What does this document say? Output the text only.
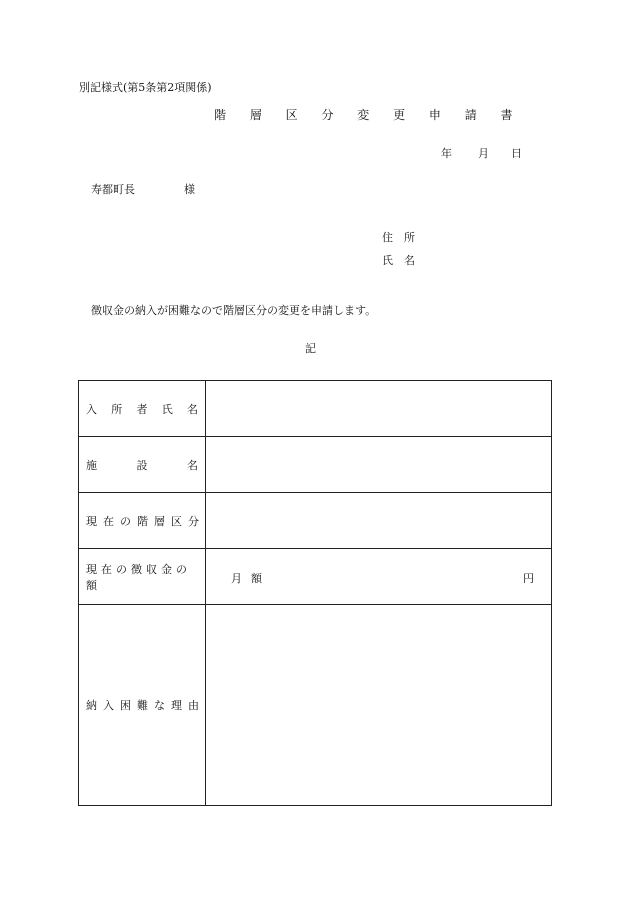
別記様式(第5条第2項関係)
階 層 区 分 変 更 申 請 書
年 月 日
寿都町長	様
住　所
氏　名
徴収金の納入が困難なので階層区分の変更を申請します。
記
入 所 者 氏 名	

施 設 名	

現在の階層区分	

現在の徴収金の額	月額 円

納入困難な理由	
